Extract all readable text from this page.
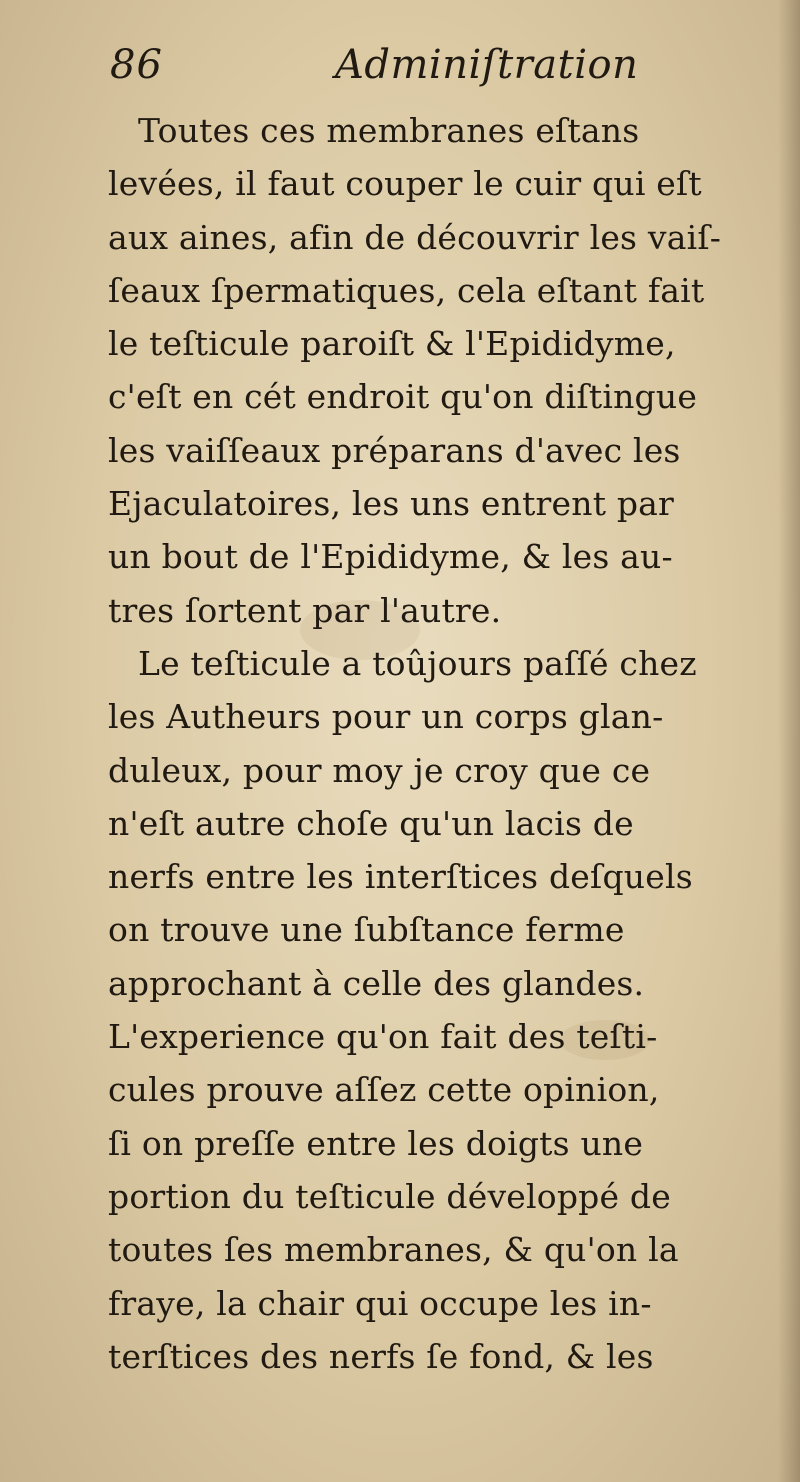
86	Adminiſtration
Toutes ces membranes eſtans
levées, il faut couper le cuir qui eſt
aux aines, afin de découvrir les vaiſ-
ſeaux ſpermatiques, cela eſtant fait
le teſticule paroiſt & l'Epididyme,
c'eſt en cét endroit qu'on diſtingue
les vaiſſeaux préparans d'avec les
Ejaculatoires, les uns entrent par
un bout de l'Epididyme, & les au-
tres ſortent par l'autre.
Le teſticule a toûjours paſſé chez
les Autheurs pour un corps glan-
duleux, pour moy je croy que ce
n'eſt autre choſe qu'un lacis de
nerfs entre les interſtices deſquels
on trouve une ſubſtance ferme
approchant à celle des glandes.
L'experience qu'on fait des teſti-
cules prouve aſſez cette opinion,
ſi on preſſe entre les doigts une
portion du teſticule développé de
toutes ſes membranes, & qu'on la
fraye, la chair qui occupe les in-
terſtices des nerfs ſe fond, & les
